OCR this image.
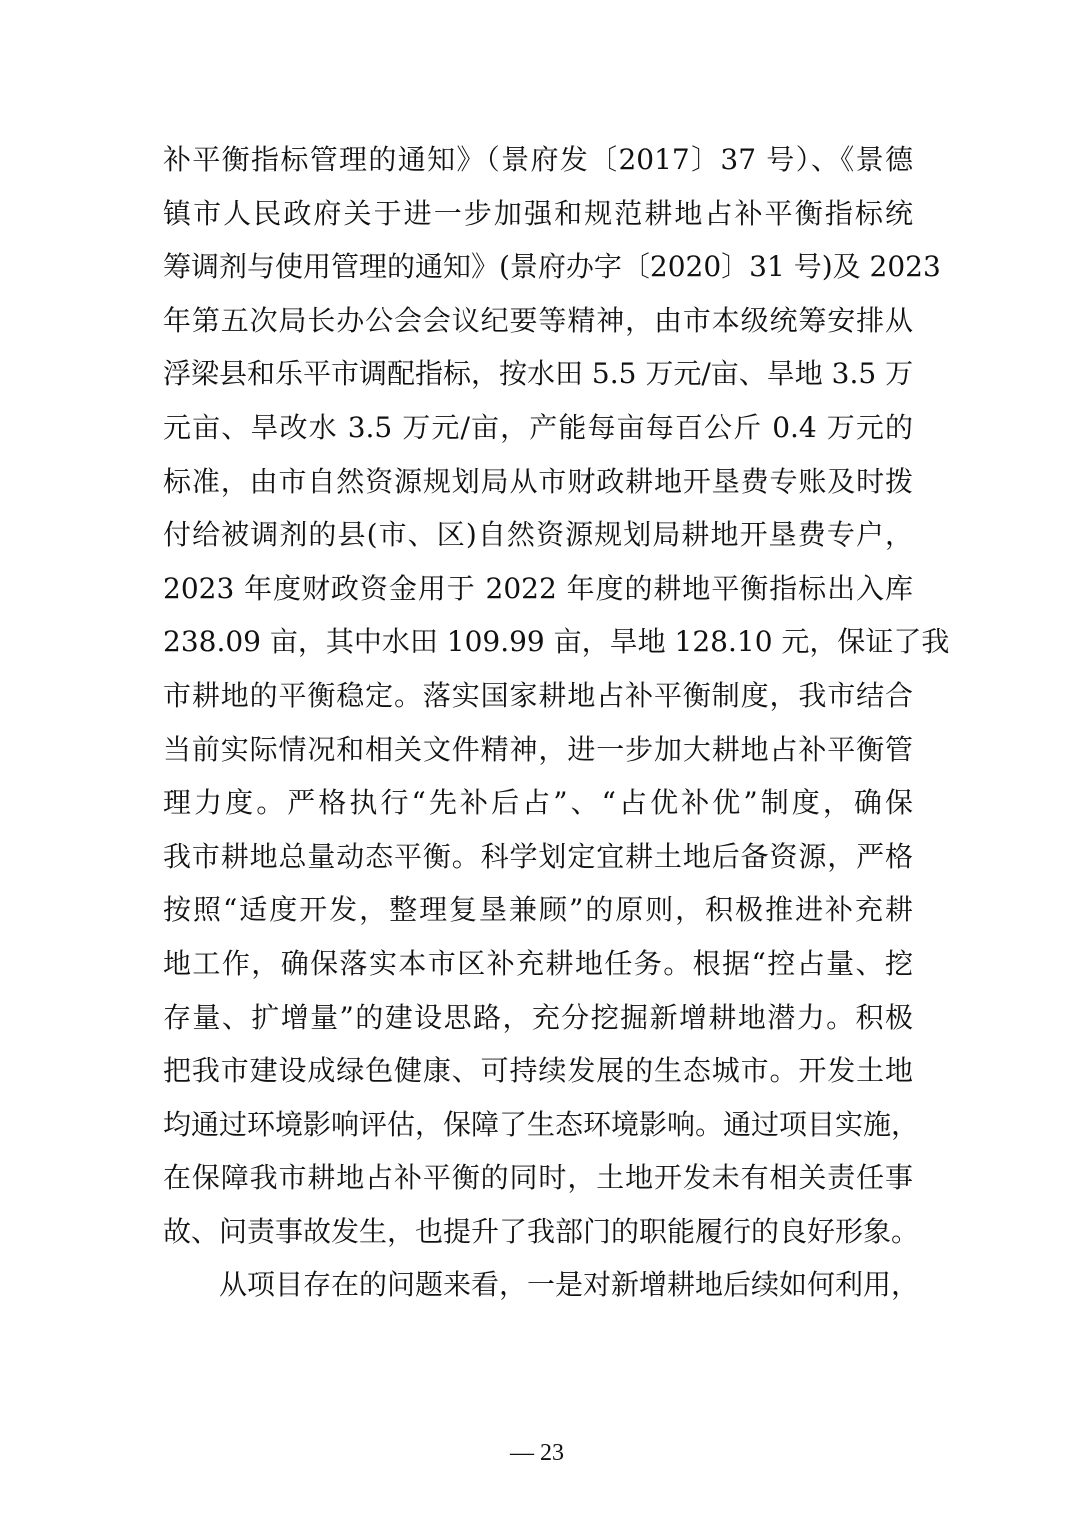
补平衡指标管理的通知》（景府发〔2017〕37 号）、《景德
镇市人民政府关于进一步加强和规范耕地占补平衡指标统
筹调剂与使用管理的通知》(景府办字〔2020〕31 号)及 2023
年第五次局长办公会会议纪要等精神，由市本级统筹安排从
浮梁县和乐平市调配指标，按水田 5.5 万元/亩、旱地 3.5 万
元亩、旱改水 3.5 万元/亩，产能每亩每百公斤 0.4 万元的
标准，由市自然资源规划局从市财政耕地开垦费专账及时拨
付给被调剂的县(市、区)自然资源规划局耕地开垦费专户，
2023 年度财政资金用于 2022 年度的耕地平衡指标出入库
238.09 亩，其中水田 109.99 亩，旱地 128.10 元，保证了我
市耕地的平衡稳定。落实国家耕地占补平衡制度，我市结合
当前实际情况和相关文件精神，进一步加大耕地占补平衡管
理力度。严格执行“先补后占”、“占优补优”制度，确保
我市耕地总量动态平衡。科学划定宜耕土地后备资源，严格
按照“适度开发，整理复垦兼顾”的原则，积极推进补充耕
地工作，确保落实本市区补充耕地任务。根据“控占量、挖
存量、扩增量”的建设思路，充分挖掘新增耕地潜力。积极
把我市建设成绿色健康、可持续发展的生态城市。开发土地
均通过环境影响评估，保障了生态环境影响。通过项目实施，
在保障我市耕地占补平衡的同时，土地开发未有相关责任事
故、问责事故发生，也提升了我部门的职能履行的良好形象。
从项目存在的问题来看，一是对新增耕地后续如何利用，
— 23
